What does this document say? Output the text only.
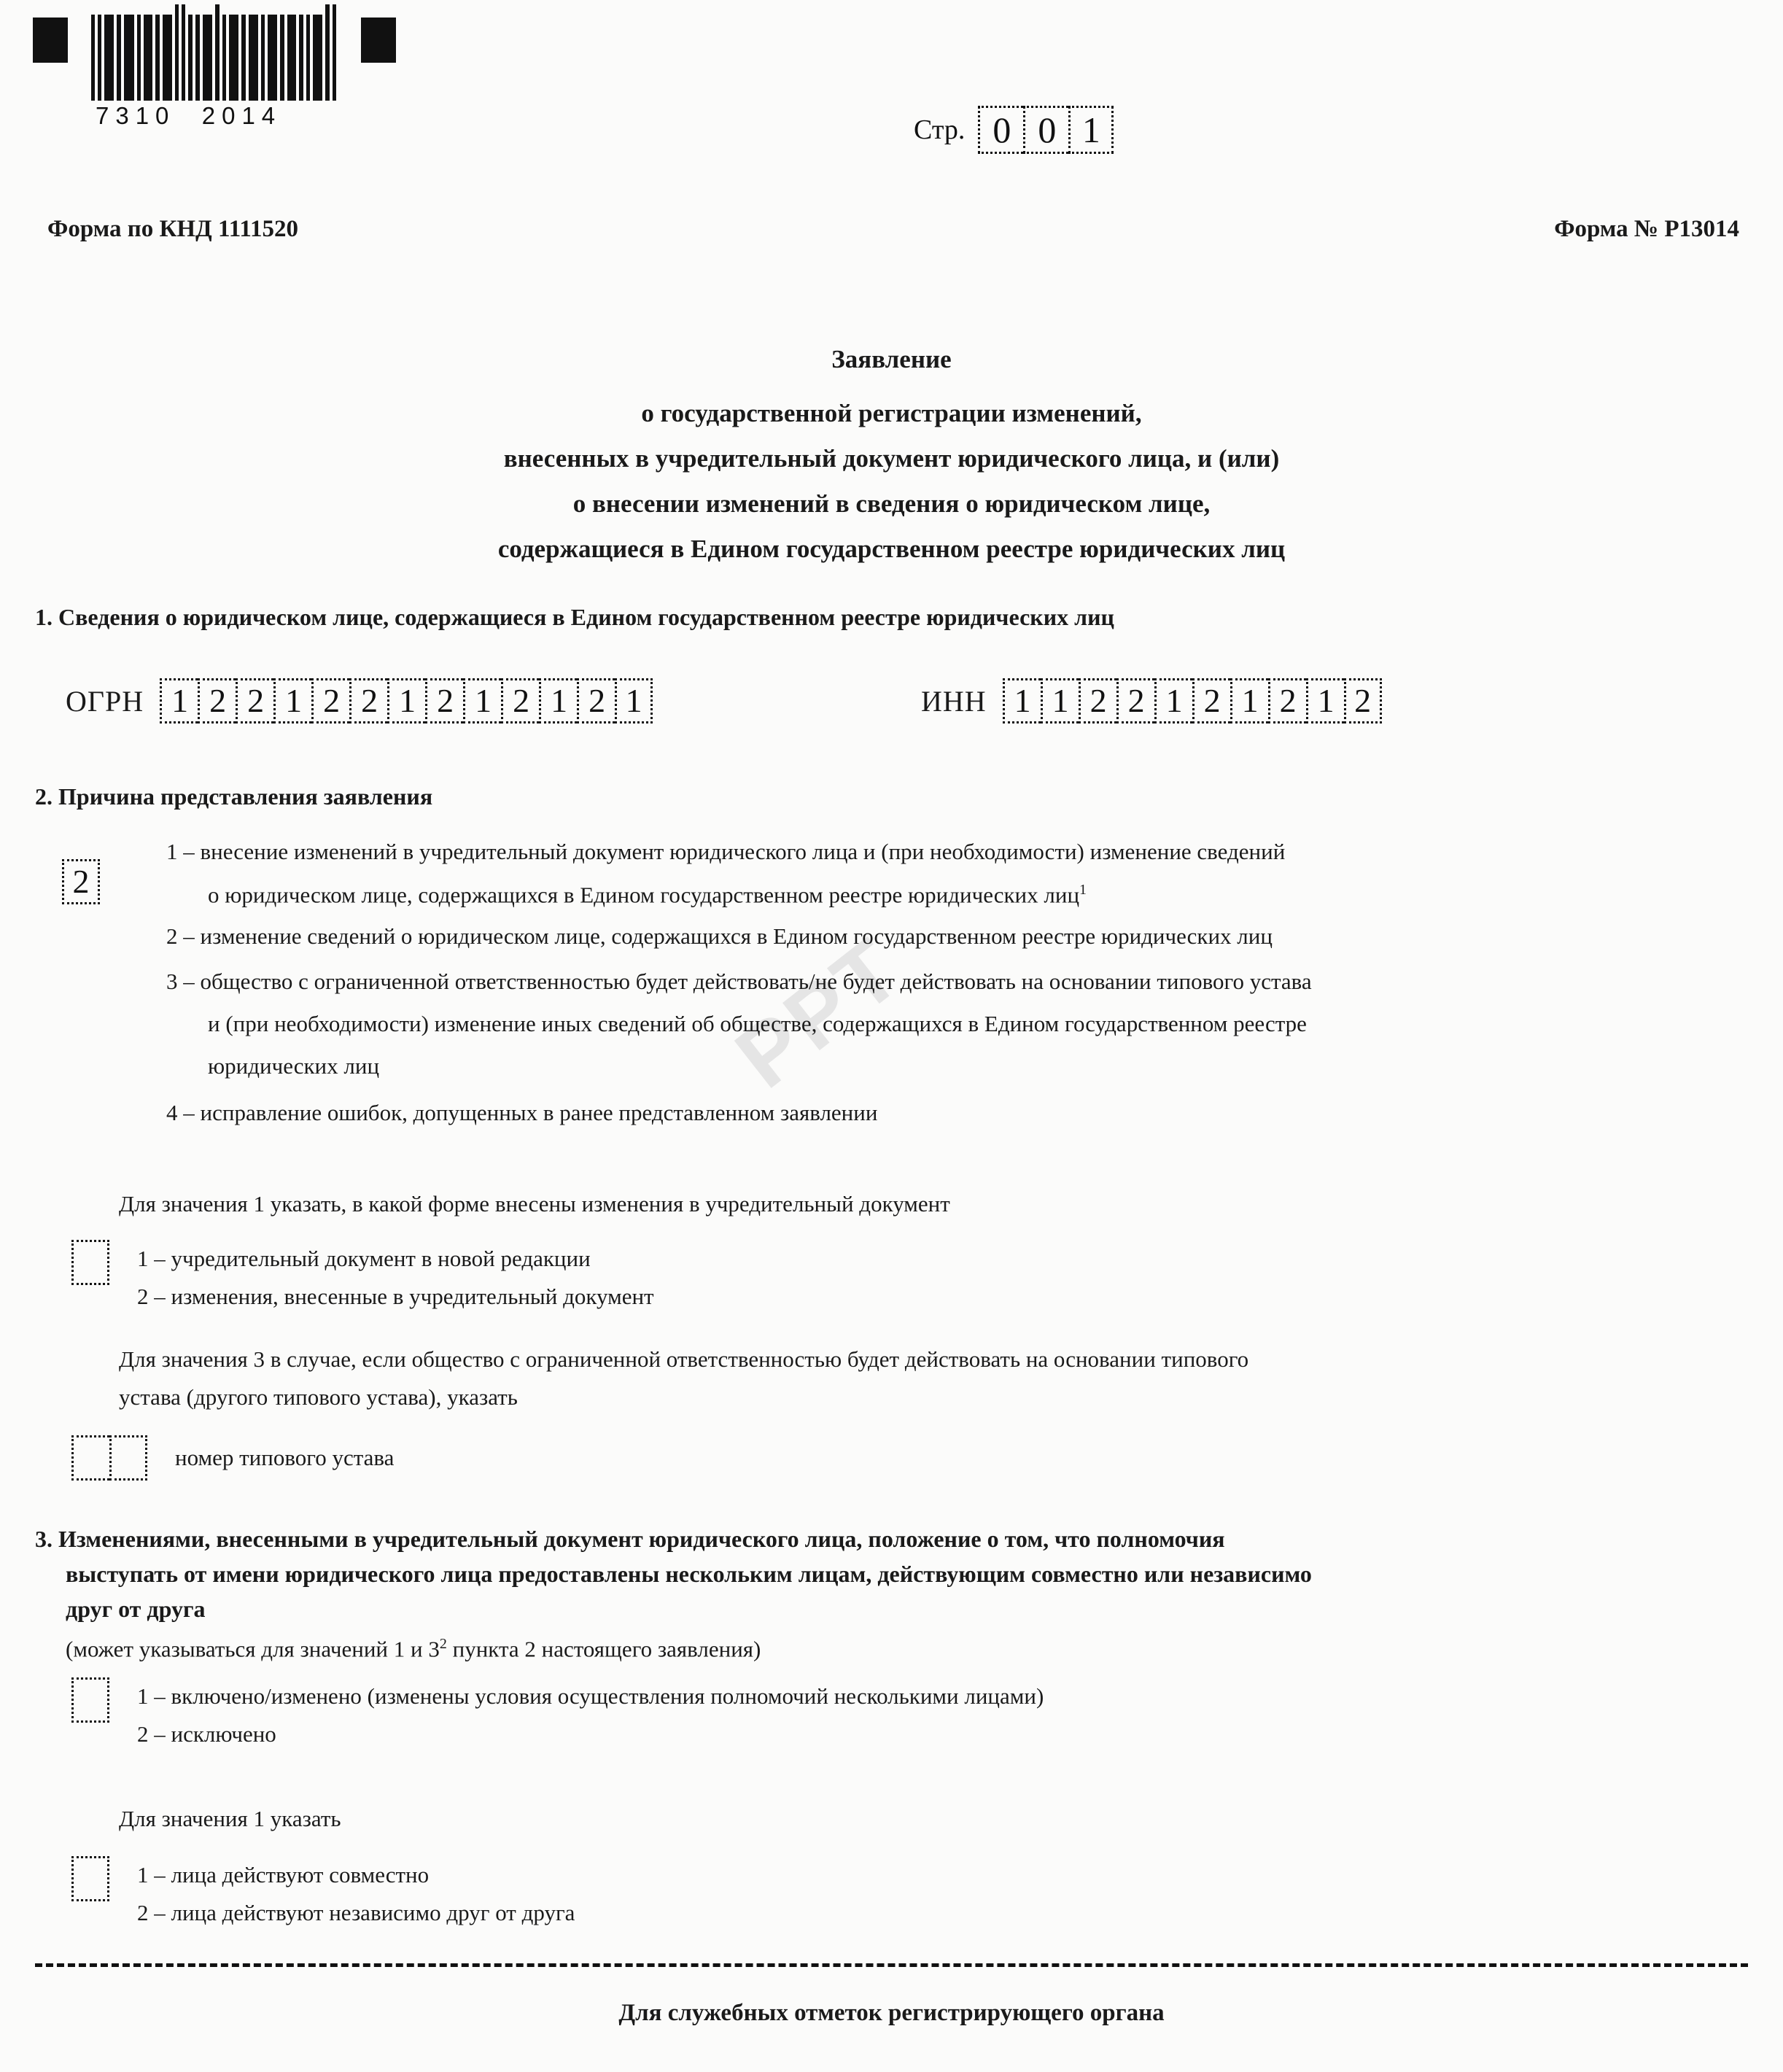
PPT
7310  2014	Стр. 0 0 1
Форма по КНД 1111520	Форма № Р13014
Заявление
о государственной регистрации изменений,
внесенных в учредительный документ юридического лица, и (или)
о внесении изменений в сведения о юридическом лице,
содержащиеся в Едином государственном реестре юридических лиц
1. Сведения о юридическом лице, содержащиеся в Едином государственном реестре юридических лиц
ОГРН 1 2 2 1 2 2 1 2 1 2 1 2 1	ИНН 1 1 2 2 1 2 1 2 1 2
2. Причина представления заявления
2
1 – внесение изменений в учредительный документ юридического лица и (при необходимости) изменение сведений
о юридическом лице, содержащихся в Едином государственном реестре юридических лиц$^1$
2 – изменение сведений о юридическом лице, содержащихся в Едином государственном реестре юридических лиц
3 – общество с ограниченной ответственностью будет действовать/не будет действовать на основании типового устава
и (при необходимости) изменение иных сведений об обществе, содержащихся в Едином государственном реестре
юридических лиц
4 – исправление ошибок, допущенных в ранее представленном заявлении
Для значения 1 указать, в какой форме внесены изменения в учредительный документ
1 – учредительный документ в новой редакции
2 – изменения, внесенные в учредительный документ
Для значения 3 в случае, если общество с ограниченной ответственностью будет действовать на основании типового
устава (другого типового устава), указать
номер типового устава
3. Изменениями, внесенными в учредительный документ юридического лица, положение о том, что полномочия
выступать от имени юридического лица предоставлены нескольким лицам, действующим совместно или независимо
друг от друга
(может указываться для значений 1 и $3^2$ пункта 2 настоящего заявления)
1 – включено/изменено (изменены условия осуществления полномочий несколькими лицами)
2 – исключено
Для значения 1 указать
1 – лица действуют совместно
2 – лица действуют независимо друг от друга
Для служебных отметок регистрирующего органа
